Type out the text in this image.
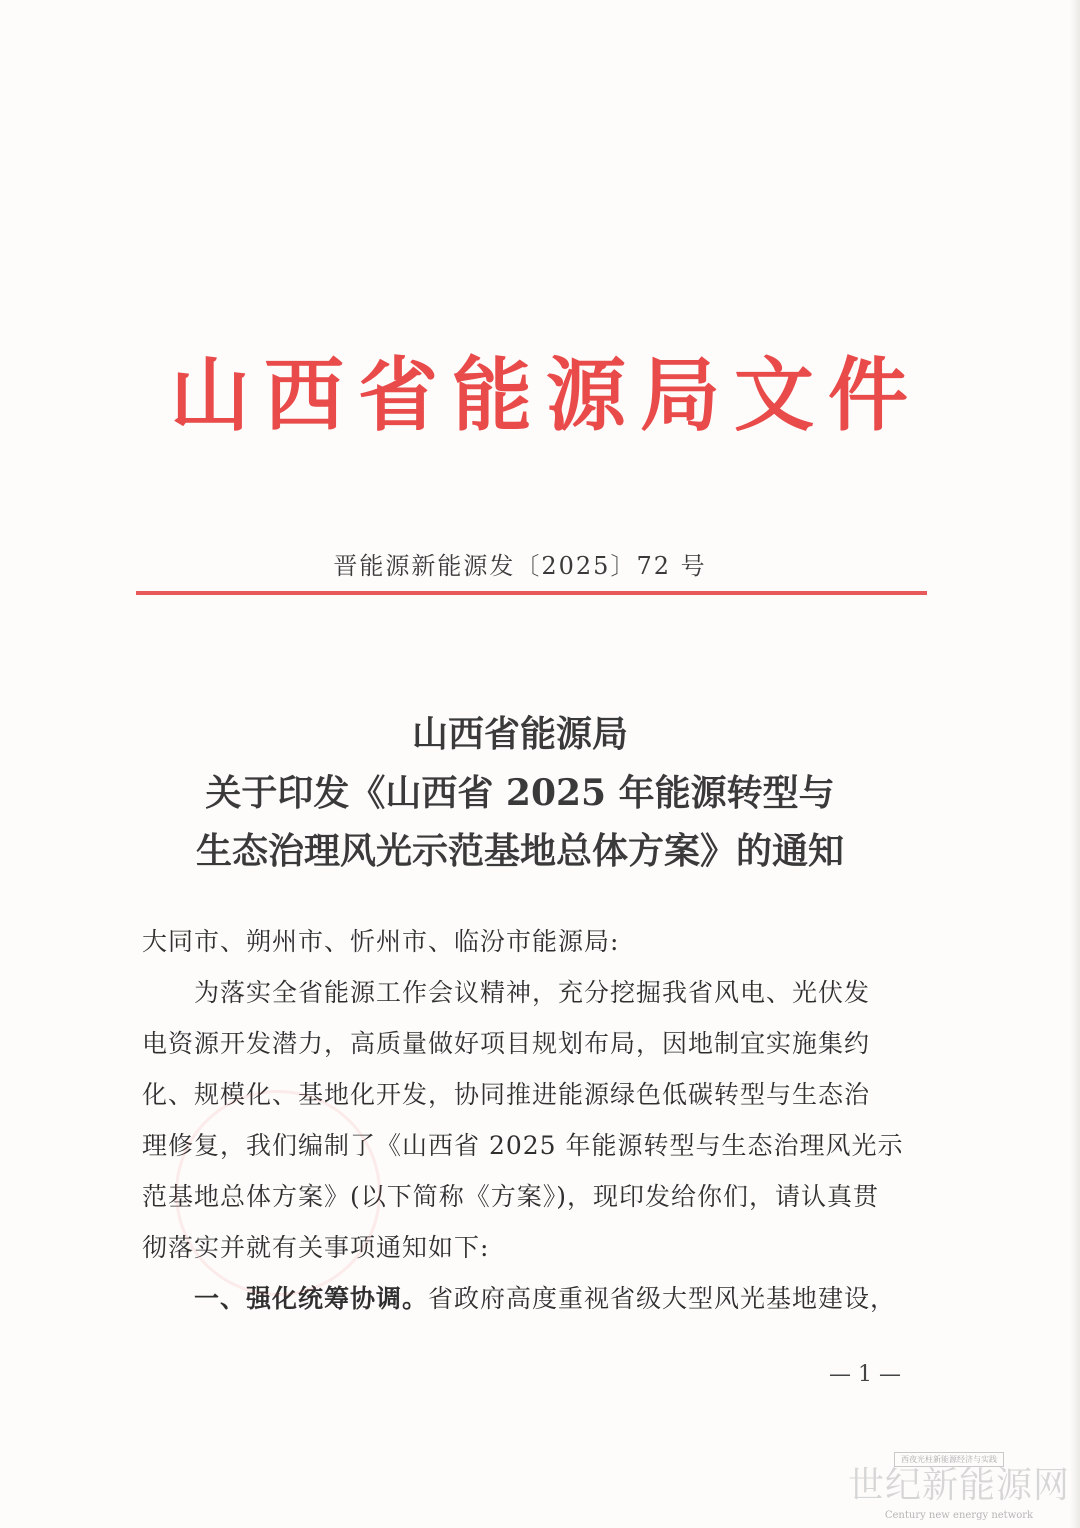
山西省能源局文件
晋能源新能源发〔2025〕72 号
山西省能源局
关于印发《山西省 2025 年能源转型与
生态治理风光示范基地总体方案》的通知

大同市、朔州市、忻州市、临汾市能源局:

为落实全省能源工作会议精神，充分挖掘我省风电、光伏发

电资源开发潜力，高质量做好项目规划布局，因地制宜实施集约

化、规模化、基地化开发，协同推进能源绿色低碳转型与生态治

理修复，我们编制了《山西省 2025 年能源转型与生态治理风光示

范基地总体方案》(以下简称《方案》)，现印发给你们，请认真贯

彻落实并就有关事项通知如下:

一、强化统筹协调。省政府高度重视省级大型风光基地建设，

— 1 —

西夜光柱新能源经济与实践
世纪新能源网
Century new energy network
